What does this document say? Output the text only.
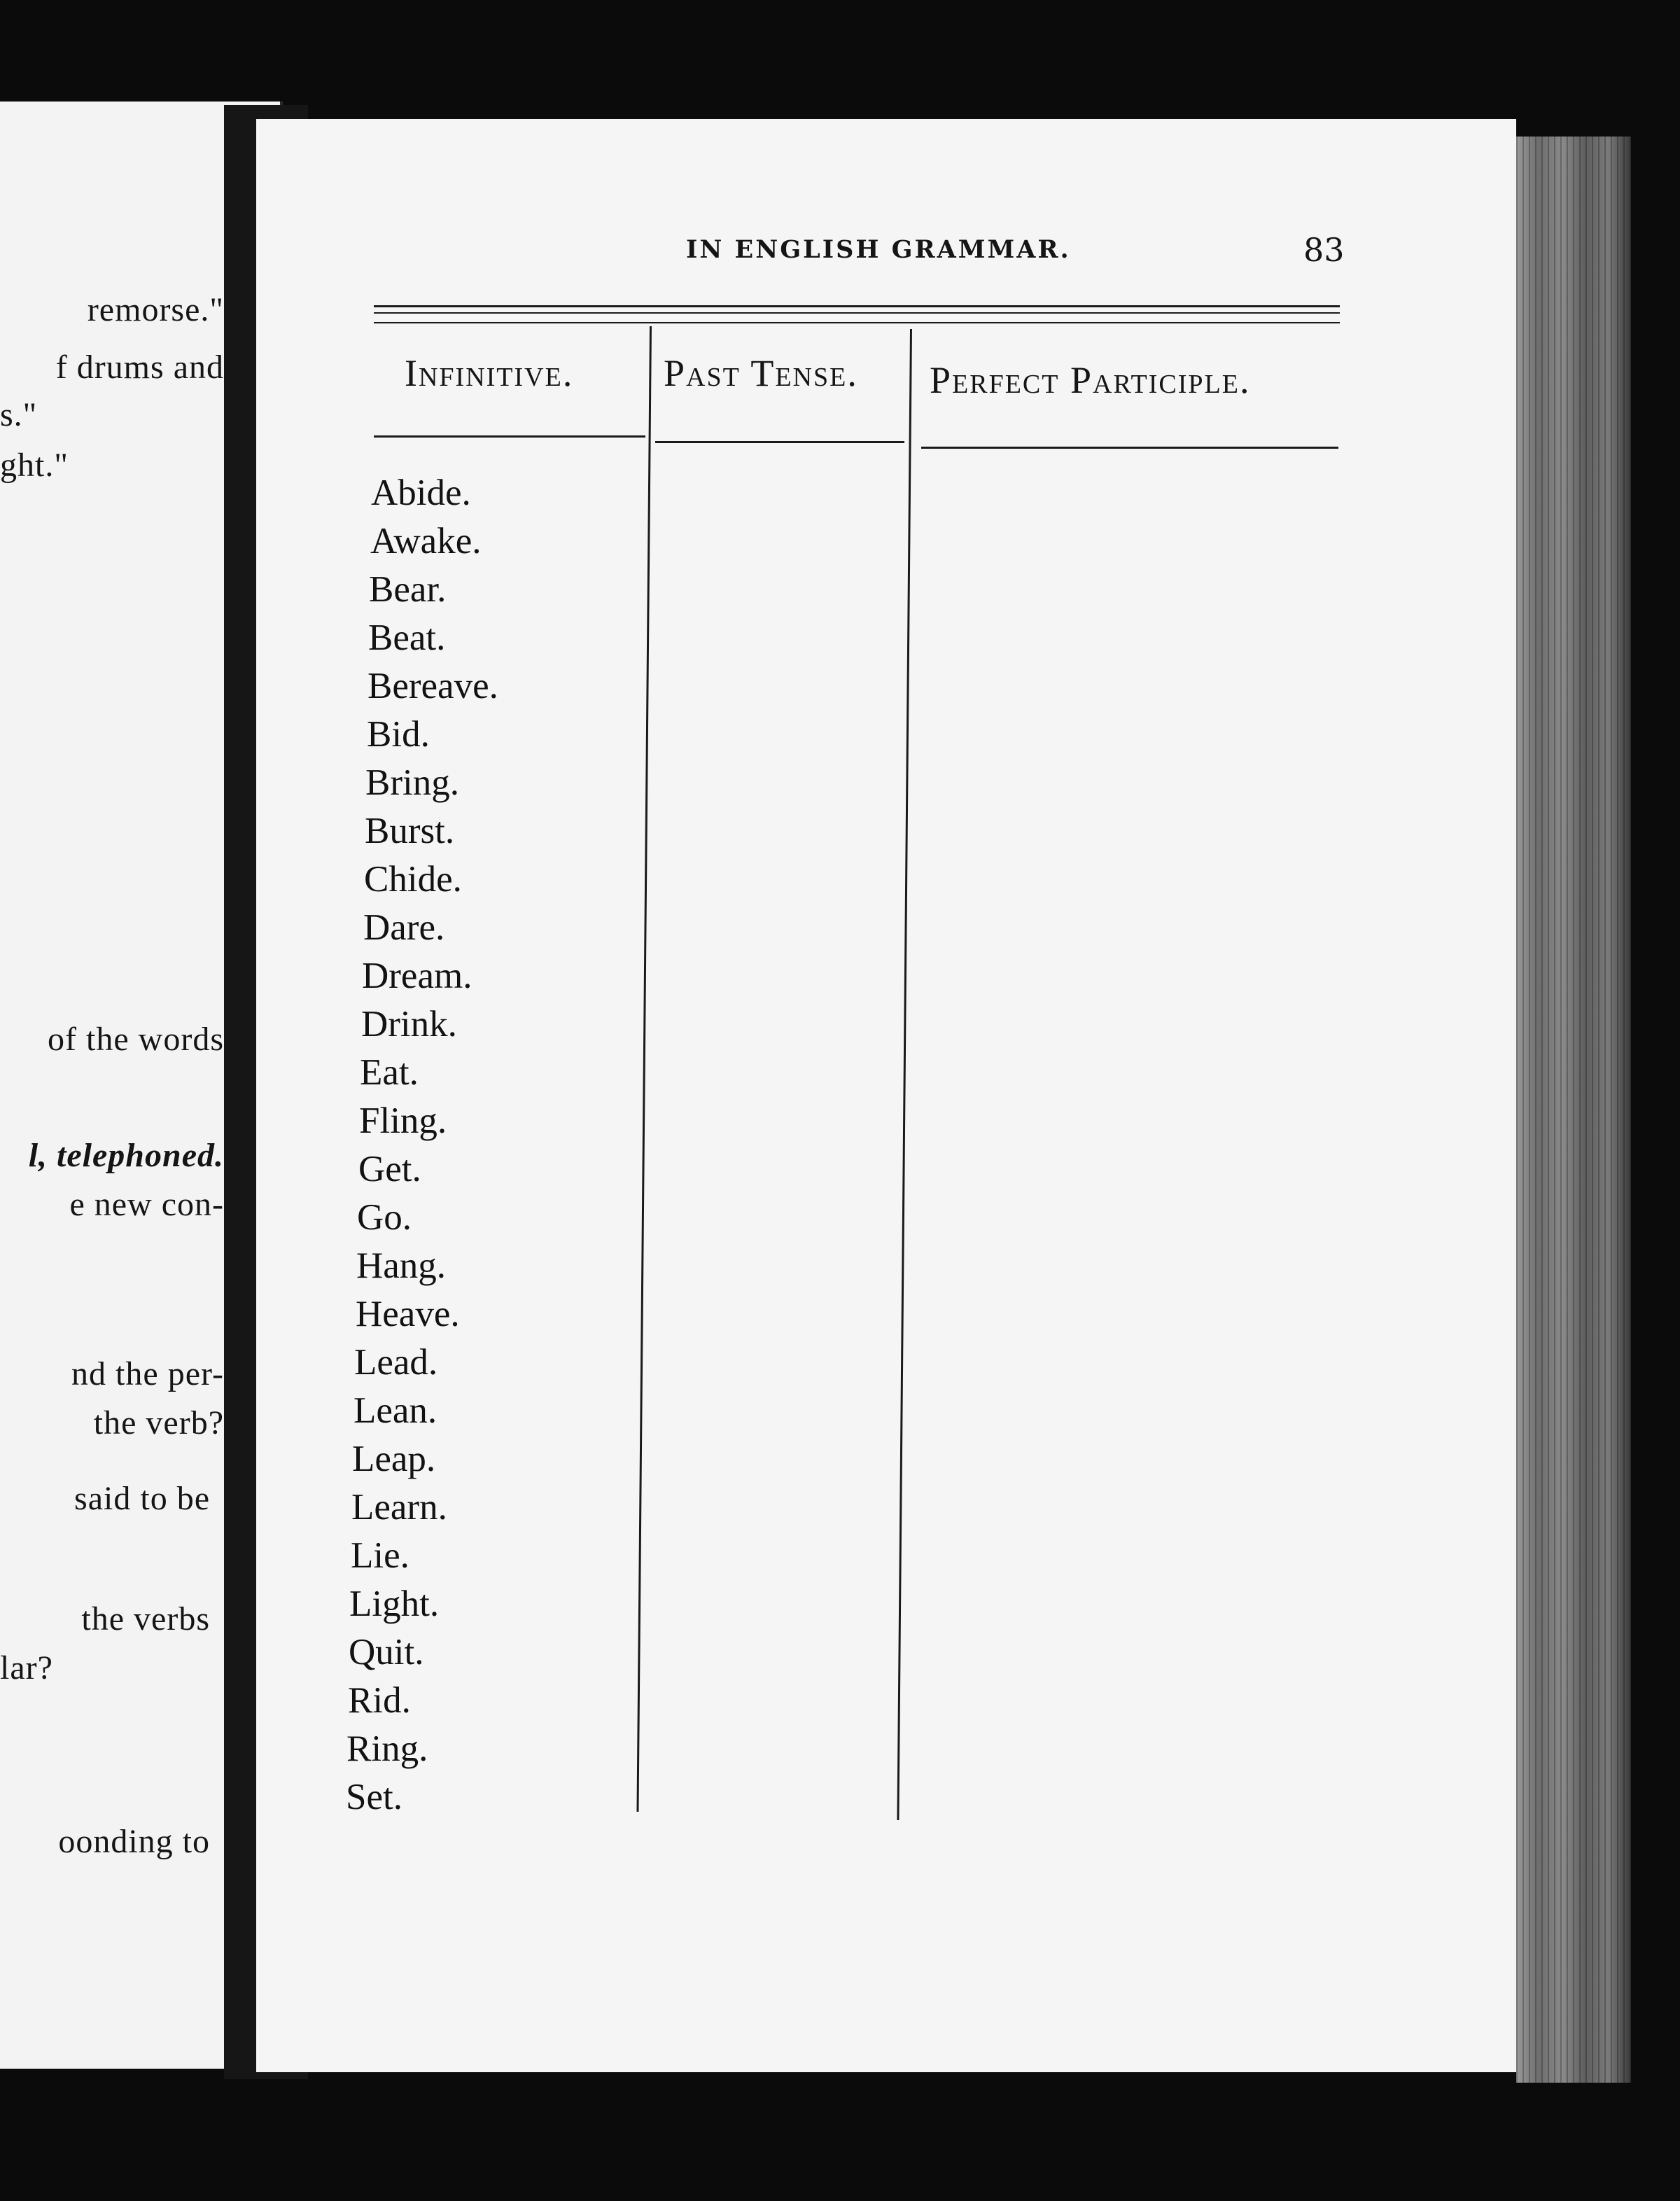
remorse."
f drums and
s."
ght."
of the words
l, telephoned.
e new con-
nd the per-
the verb?
said to be
the verbs
lar?
oonding to
IN ENGLISH GRAMMAR.	83
Infinitive. Past Tense. Perfect Participle.
Abide.
Awake.
Bear.
Beat.
Bereave.
Bid.
Bring.
Burst.
Chide.
Dare.
Dream.
Drink.
Eat.
Fling.
Get.
Go.
Hang.
Heave.
Lead.
Lean.
Leap.
Learn.
Lie.
Light.
Quit.
Rid.
Ring.
Set.
